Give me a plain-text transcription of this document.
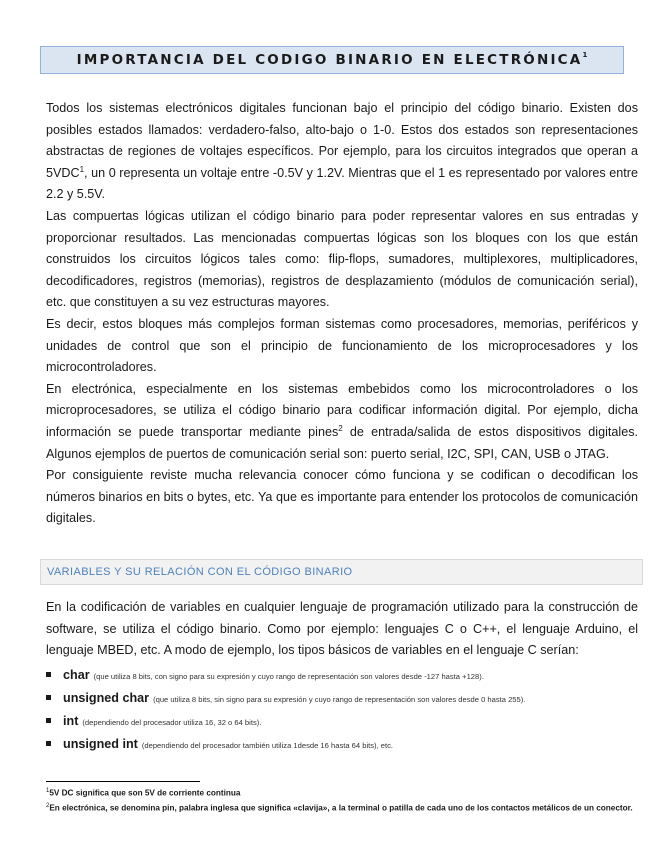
IMPORTANCIA DEL CODIGO BINARIO EN ELECTRÓNICA$^1$

Todos los sistemas electrónicos digitales funcionan bajo el principio del código binario. Existen dos posibles estados llamados: verdadero-falso, alto-bajo o 1-0. Estos dos estados son representaciones abstractas de regiones de voltajes específicos. Por ejemplo, para los circuitos integrados que operan a 5VDC$^1$, un 0 representa un voltaje entre -0.5V y 1.2V. Mientras que el 1 es representado por valores entre 2.2 y 5.5V.

Las compuertas lógicas utilizan el código binario para poder representar valores en sus entradas y proporcionar resultados. Las mencionadas compuertas lógicas son los bloques con los que están construidos los circuitos lógicos tales como: flip-flops, sumadores, multiplexores, multiplicadores, decodificadores, registros (memorias), registros de desplazamiento (módulos de comunicación serial), etc. que constituyen a su vez estructuras mayores.

Es decir, estos bloques más complejos forman sistemas como procesadores, memorias, periféricos y unidades de control que son el principio de funcionamiento de los microprocesadores y los microcontroladores.

En electrónica, especialmente en los sistemas embebidos como los microcontroladores o los microprocesadores, se utiliza el código binario para codificar información digital. Por ejemplo, dicha información se puede transportar mediante pines$^2$ de entrada/salida de estos dispositivos digitales. Algunos ejemplos de puertos de comunicación serial son: puerto serial, I2C, SPI, CAN, USB o JTAG.

Por consiguiente reviste mucha relevancia conocer cómo funciona y se codifican o decodifican los números binarios en bits o bytes, etc. Ya que es importante para entender los protocolos de comunicación digitales.

VARIABLES Y SU RELACIÓN CON EL CÓDIGO BINARIO

En la codificación de variables en cualquier lenguaje de programación utilizado para la construcción de software, se utiliza el código binario. Como por ejemplo: lenguajes C o C++, el lenguaje Arduino, el lenguaje MBED, etc. A modo de ejemplo, los tipos básicos de variables en el lenguaje C serían:

char (que utiliza 8 bits, con signo para su expresión y cuyo rango de representación son valores desde -127 hasta +128).
unsigned char (que utiliza 8 bits, sin signo para su expresión y cuyo rango de representación son valores desde 0 hasta 255).
int (dependiendo del procesador utiliza 16, 32 o 64 bits).
unsigned int (dependiendo del procesador también utiliza 1desde 16 hasta 64 bits), etc.

$^1$5V DC significa que son 5V de corriente continua

$^2$En electrónica, se denomina pin, palabra inglesa que significa «clavija», a la terminal o patilla de cada uno de los contactos metálicos de un conector.
